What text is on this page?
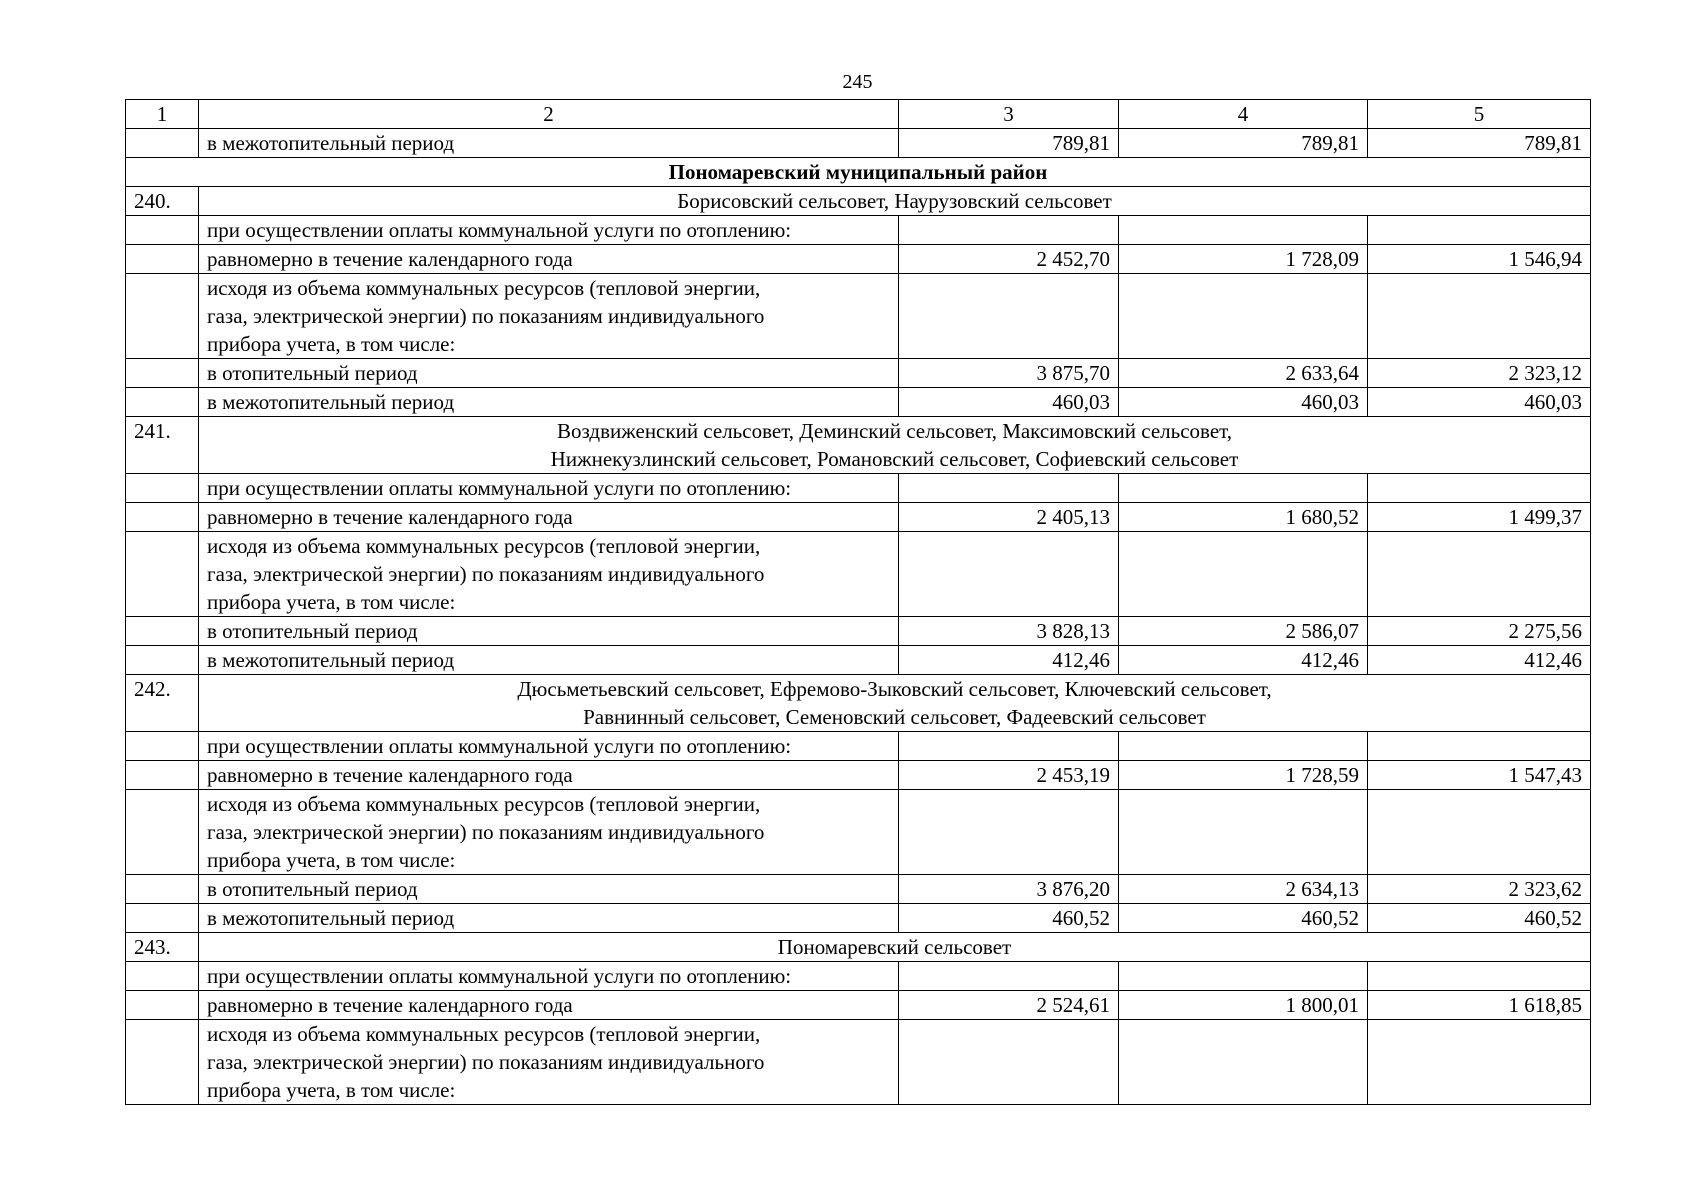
245
1	2	3	4	5
	в межотопительный период	789,81	789,81	789,81
Пономаревский муниципальный район				
240.	Борисовский сельсовет, Наурузовский сельсовет			

	при осуществлении оплаты коммунальной услуги по отоплению:			
	равномерно в течение календарного года	2 452,70	1 728,09	1 546,94

	исходя из объема коммунальных ресурсов (тепловой энергии,
газа, электрической энергии) по показаниям индивидуального
прибора учета, в том числе:			

	в отопительный период	3 875,70	2 633,64	2 323,12
	в межотопительный период	460,03	460,03	460,03
241.	Воздвиженский сельсовет, Деминский сельсовет, Максимовский сельсовет,
Нижнекузлинский сельсовет, Романовский сельсовет, Софиевский сельсовет			

	при осуществлении оплаты коммунальной услуги по отоплению:			
	равномерно в течение календарного года	2 405,13	1 680,52	1 499,37

	исходя из объема коммунальных ресурсов (тепловой энергии,
газа, электрической энергии) по показаниям индивидуального
прибора учета, в том числе:			

	в отопительный период	3 828,13	2 586,07	2 275,56
	в межотопительный период	412,46	412,46	412,46
242.	Дюсьметьевский сельсовет, Ефремово-Зыковский сельсовет, Ключевский сельсовет,
Равнинный сельсовет, Семеновский сельсовет, Фадеевский сельсовет			

	при осуществлении оплаты коммунальной услуги по отоплению:			
	равномерно в течение календарного года	2 453,19	1 728,59	1 547,43

	исходя из объема коммунальных ресурсов (тепловой энергии,
газа, электрической энергии) по показаниям индивидуального
прибора учета, в том числе:			

	в отопительный период	3 876,20	2 634,13	2 323,62
	в межотопительный период	460,52	460,52	460,52
243.	Пономаревский сельсовет			

	при осуществлении оплаты коммунальной услуги по отоплению:			
	равномерно в течение календарного года	2 524,61	1 800,01	1 618,85

	исходя из объема коммунальных ресурсов (тепловой энергии,
газа, электрической энергии) по показаниям индивидуального
прибора учета, в том числе:			
